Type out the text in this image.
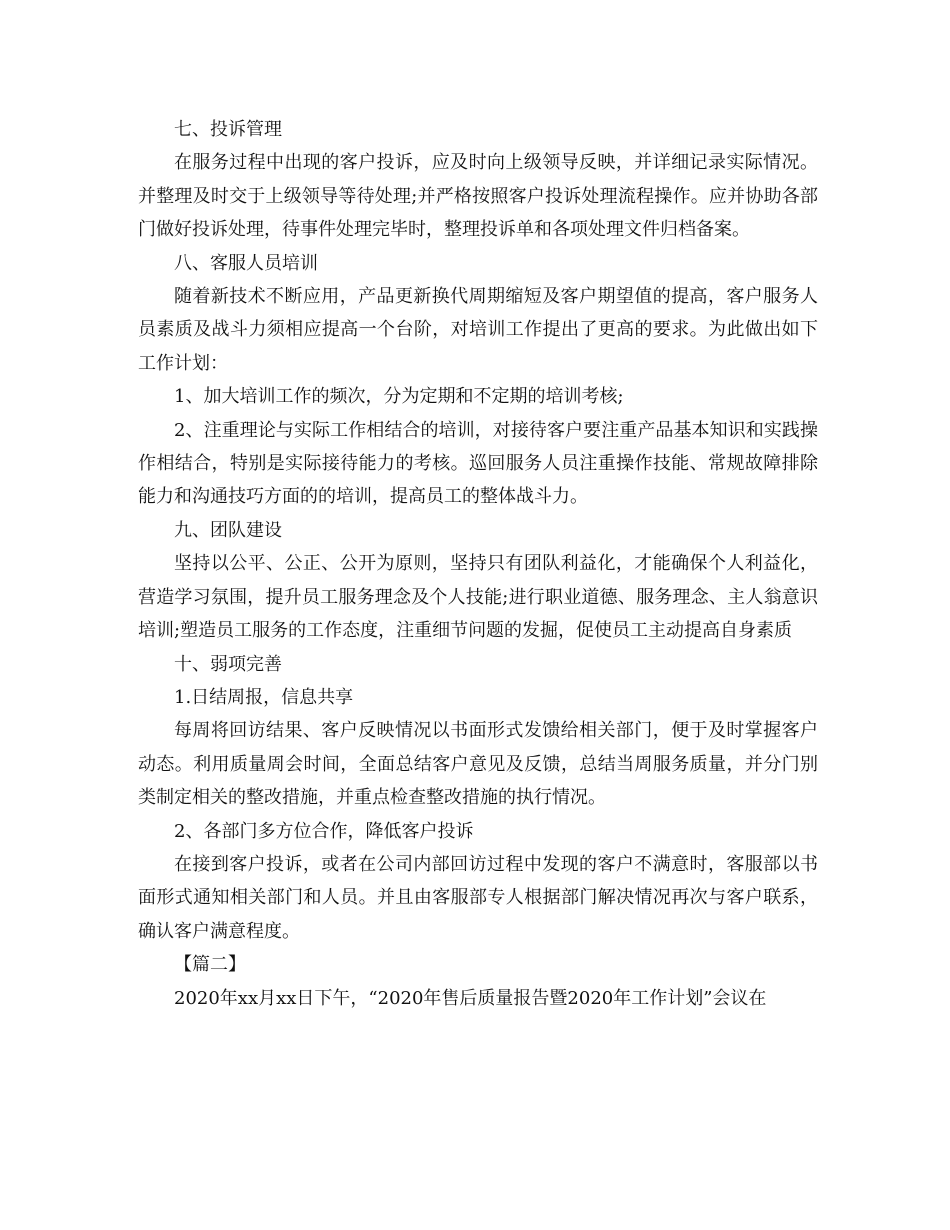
七、投诉管理

在服务过程中出现的客户投诉，应及时向上级领导反映，并详细记录实际情况。并整理及时交于上级领导等待处理;并严格按照客户投诉处理流程操作。应并协助各部门做好投诉处理，待事件处理完毕时，整理投诉单和各项处理文件归档备案。

八、客服人员培训

随着新技术不断应用，产品更新换代周期缩短及客户期望值的提高，客户服务人员素质及战斗力须相应提高一个台阶，对培训工作提出了更高的要求。为此做出如下工作计划：

1、加大培训工作的频次，分为定期和不定期的培训考核;

2、注重理论与实际工作相结合的培训，对接待客户要注重产品基本知识和实践操作相结合，特别是实际接待能力的考核。巡回服务人员注重操作技能、常规故障排除能力和沟通技巧方面的的培训，提高员工的整体战斗力。

九、团队建设

坚持以公平、公正、公开为原则，坚持只有团队利益化，才能确保个人利益化，营造学习氛围，提升员工服务理念及个人技能;进行职业道德、服务理念、主人翁意识培训;塑造员工服务的工作态度，注重细节问题的发掘，促使员工主动提高自身素质

十、弱项完善

1.日结周报，信息共享

每周将回访结果、客户反映情况以书面形式发馈给相关部门，便于及时掌握客户动态。利用质量周会时间，全面总结客户意见及反馈，总结当周服务质量，并分门别类制定相关的整改措施，并重点检查整改措施的执行情况。

2、各部门多方位合作，降低客户投诉

在接到客户投诉，或者在公司内部回访过程中发现的客户不满意时，客服部以书面形式通知相关部门和人员。并且由客服部专人根据部门解决情况再次与客户联系，确认客户满意程度。

【篇二】

2020年xx月xx日下午，“2020年售后质量报告暨2020年工作计划”会议在
